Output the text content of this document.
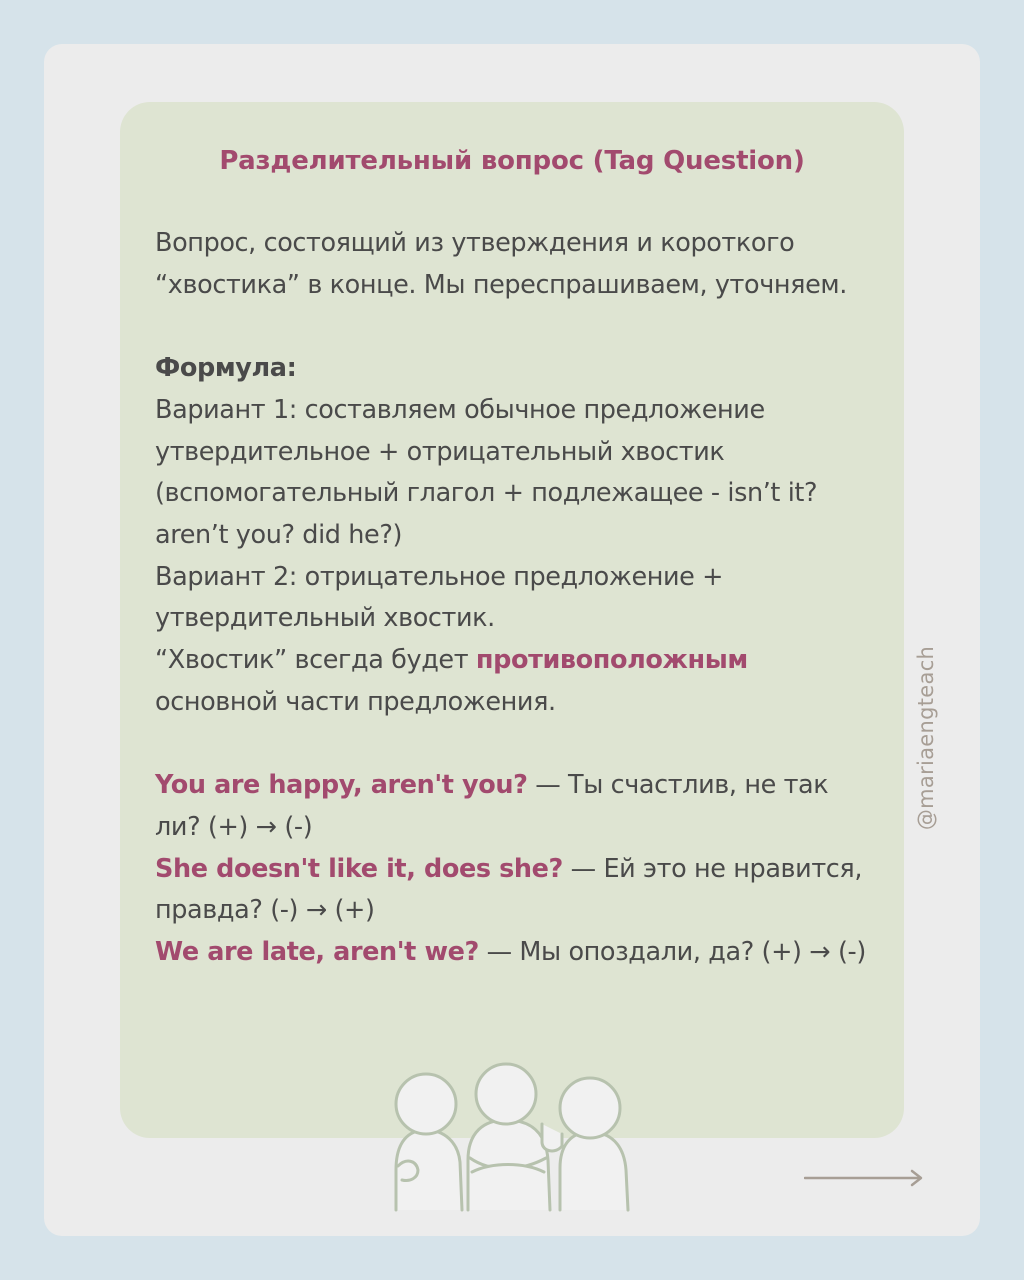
Разделительный вопрос (Tag Question)

Вопрос, состоящий из утверждения и короткого “хвостика” в конце. Мы переспрашиваем, уточняем.

Формула:

Вариант 1: составляем обычное предложение утвердительное + отрицательный хвостик (вспомогательный глагол + подлежащее - isn’t it? aren’t you? did he?)

Вариант 2: отрицательное предложение + утвердительный хвостик.

“Хвостик” всегда будет противоположным основной части предложения.

You are happy, aren't you? — Ты счастлив, не так ли? (+) → (-)

She doesn't like it, does she? — Ей это не нравится, правда? (-) → (+)

We are late, aren't we? — Мы опоздали, да? (+) → (-)

@mariaengteach
